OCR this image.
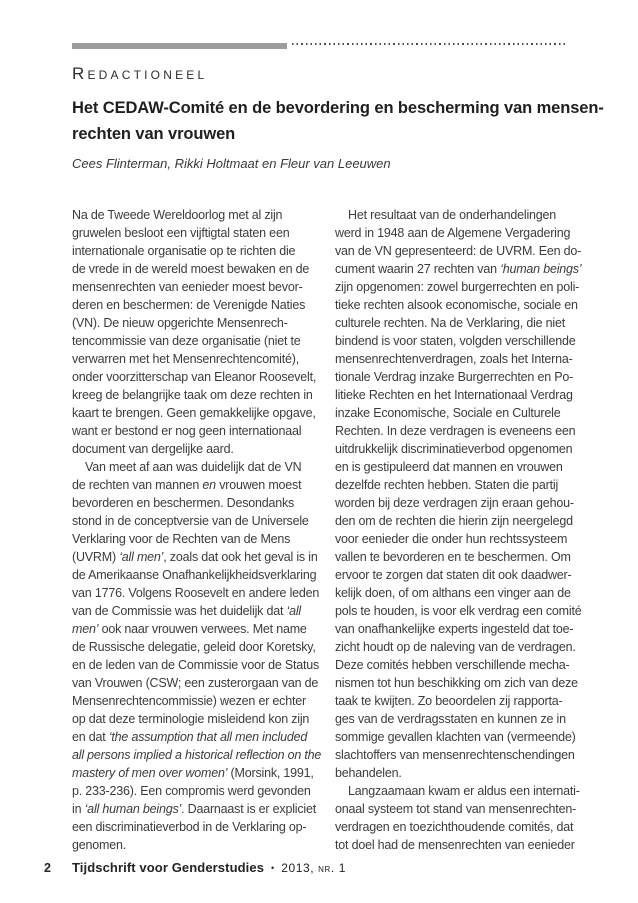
Redactioneel
Het CEDAW-Comité en de bevordering en bescherming van mensen-
rechten van vrouwen
Cees Flinterman, Rikki Holtmaat en Fleur van Leeuwen
Na de Tweede Wereldoorlog met al zijn
gruwelen besloot een vijftigtal staten een
internationale organisatie op te richten die
de vrede in de wereld moest bewaken en de
mensenrechten van eenieder moest bevor-
deren en beschermen: de Verenigde Naties
(VN). De nieuw opgerichte Mensenrech-
tencommissie van deze organisatie (niet te
verwarren met het Mensenrechtencomité),
onder voorzitterschap van Eleanor Roosevelt,
kreeg de belangrijke taak om deze rechten in
kaart te brengen. Geen gemakkelijke opgave,
want er bestond er nog geen internationaal
document van dergelijke aard.
Van meet af aan was duidelijk dat de VN
de rechten van mannen en vrouwen moest
bevorderen en beschermen. Desondanks
stond in de conceptversie van de Universele
Verklaring voor de Rechten van de Mens
(UVRM) ‘all men’, zoals dat ook het geval is in
de Amerikaanse Onafhankelijkheidsverklaring
van 1776. Volgens Roosevelt en andere leden
van de Commissie was het duidelijk dat ‘all
men’ ook naar vrouwen verwees. Met name
de Russische delegatie, geleid door Koretsky,
en de leden van de Commissie voor de Status
van Vrouwen (CSW; een zusterorgaan van de
Mensenrechtencommissie) wezen er echter
op dat deze terminologie misleidend kon zijn
en dat ‘the assumption that all men included
all persons implied a historical reflection on the
mastery of men over women’ (Morsink, 1991,
p. 233-236). Een compromis werd gevonden
in ‘all human beings’. Daarnaast is er expliciet
een discriminatieverbod in de Verklaring op-
genomen.
Het resultaat van de onderhandelingen
werd in 1948 aan de Algemene Vergadering
van de VN gepresenteerd: de UVRM. Een do-
cument waarin 27 rechten van ‘human beings’
zijn opgenomen: zowel burgerrechten en poli-
tieke rechten alsook economische, sociale en
culturele rechten. Na de Verklaring, die niet
bindend is voor staten, volgden verschillende
mensenrechtenverdragen, zoals het Interna-
tionale Verdrag inzake Burgerrechten en Po-
litieke Rechten en het Internationaal Verdrag
inzake Economische, Sociale en Culturele
Rechten. In deze verdragen is eveneens een
uitdrukkelijk discriminatieverbod opgenomen
en is gestipuleerd dat mannen en vrouwen
dezelfde rechten hebben. Staten die partij
worden bij deze verdragen zijn eraan gehou-
den om de rechten die hierin zijn neergelegd
voor eenieder die onder hun rechtssysteem
vallen te bevorderen en te beschermen. Om
ervoor te zorgen dat staten dit ook daadwer-
kelijk doen, of om althans een vinger aan de
pols te houden, is voor elk verdrag een comité
van onafhankelijke experts ingesteld dat toe-
zicht houdt op de naleving van de verdragen.
Deze comités hebben verschillende mecha-
nismen tot hun beschikking om zich van deze
taak te kwijten. Zo beoordelen zij rapporta-
ges van de verdragsstaten en kunnen ze in
sommige gevallen klachten van (vermeende)
slachtoffers van mensenrechtenschendingen
behandelen.
Langzaamaan kwam er aldus een internati-
onaal systeem tot stand van mensenrechten-
verdragen en toezichthoudende comités, dat
tot doel had de mensenrechten van eenieder
2	Tijdschrift voor Genderstudies • 2013, nr. 1
